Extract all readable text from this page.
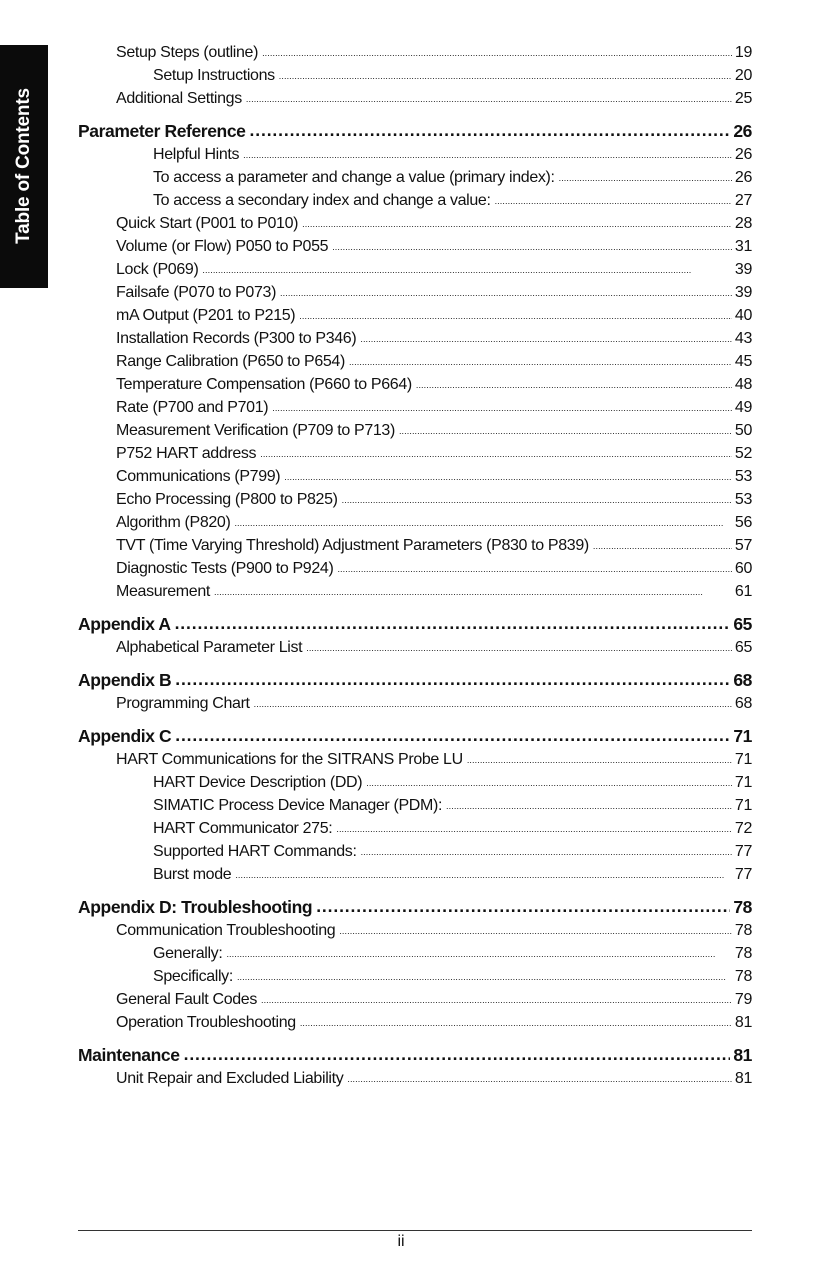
Table of Contents
Setup Steps (outline) . . .	19
Setup Instructions . . .	20
Additional Settings . . .	25
Parameter Reference . . .	26
Helpful Hints . . .	26
To access a parameter and change a value (primary index): . . .	26
To access a secondary index and change a value: . . .	27
Quick Start (P001 to P010) . . .	28
Volume (or Flow) P050 to P055 . . .	31
Lock (P069) . . .	39
Failsafe (P070 to P073) . . .	39
mA Output (P201 to P215) . . .	40
Installation Records (P300 to P346) . . .	43
Range Calibration (P650 to P654) . . .	45
Temperature Compensation (P660 to P664) . . .	48
Rate (P700 and P701) . . .	49
Measurement Verification (P709 to P713) . . .	50
P752 HART address . . .	52
Communications (P799) . . .	53
Echo Processing (P800 to P825) . . .	53
Algorithm (P820) . . .	56
TVT (Time Varying Threshold) Adjustment Parameters (P830 to P839) . . .	57
Diagnostic Tests (P900 to P924) . . .	60
Measurement . . .	61
Appendix A . . .	65
Alphabetical Parameter List . . .	65
Appendix B . . .	68
Programming Chart . . .	68
Appendix C . . .	71
HART Communications for the SITRANS Probe LU . . .	71
HART Device Description (DD) . . .	71
SIMATIC Process Device Manager (PDM): . . .	71
HART Communicator 275: . . .	72
Supported HART Commands: . . .	77
Burst mode . . .	77
Appendix D: Troubleshooting . . .	78
Communication Troubleshooting . . .	78
Generally: . . .	78
Specifically: . . .	78
General Fault Codes . . .	79
Operation Troubleshooting . . .	81
Maintenance . . .	81
Unit Repair and Excluded Liability . . .	81
ii
